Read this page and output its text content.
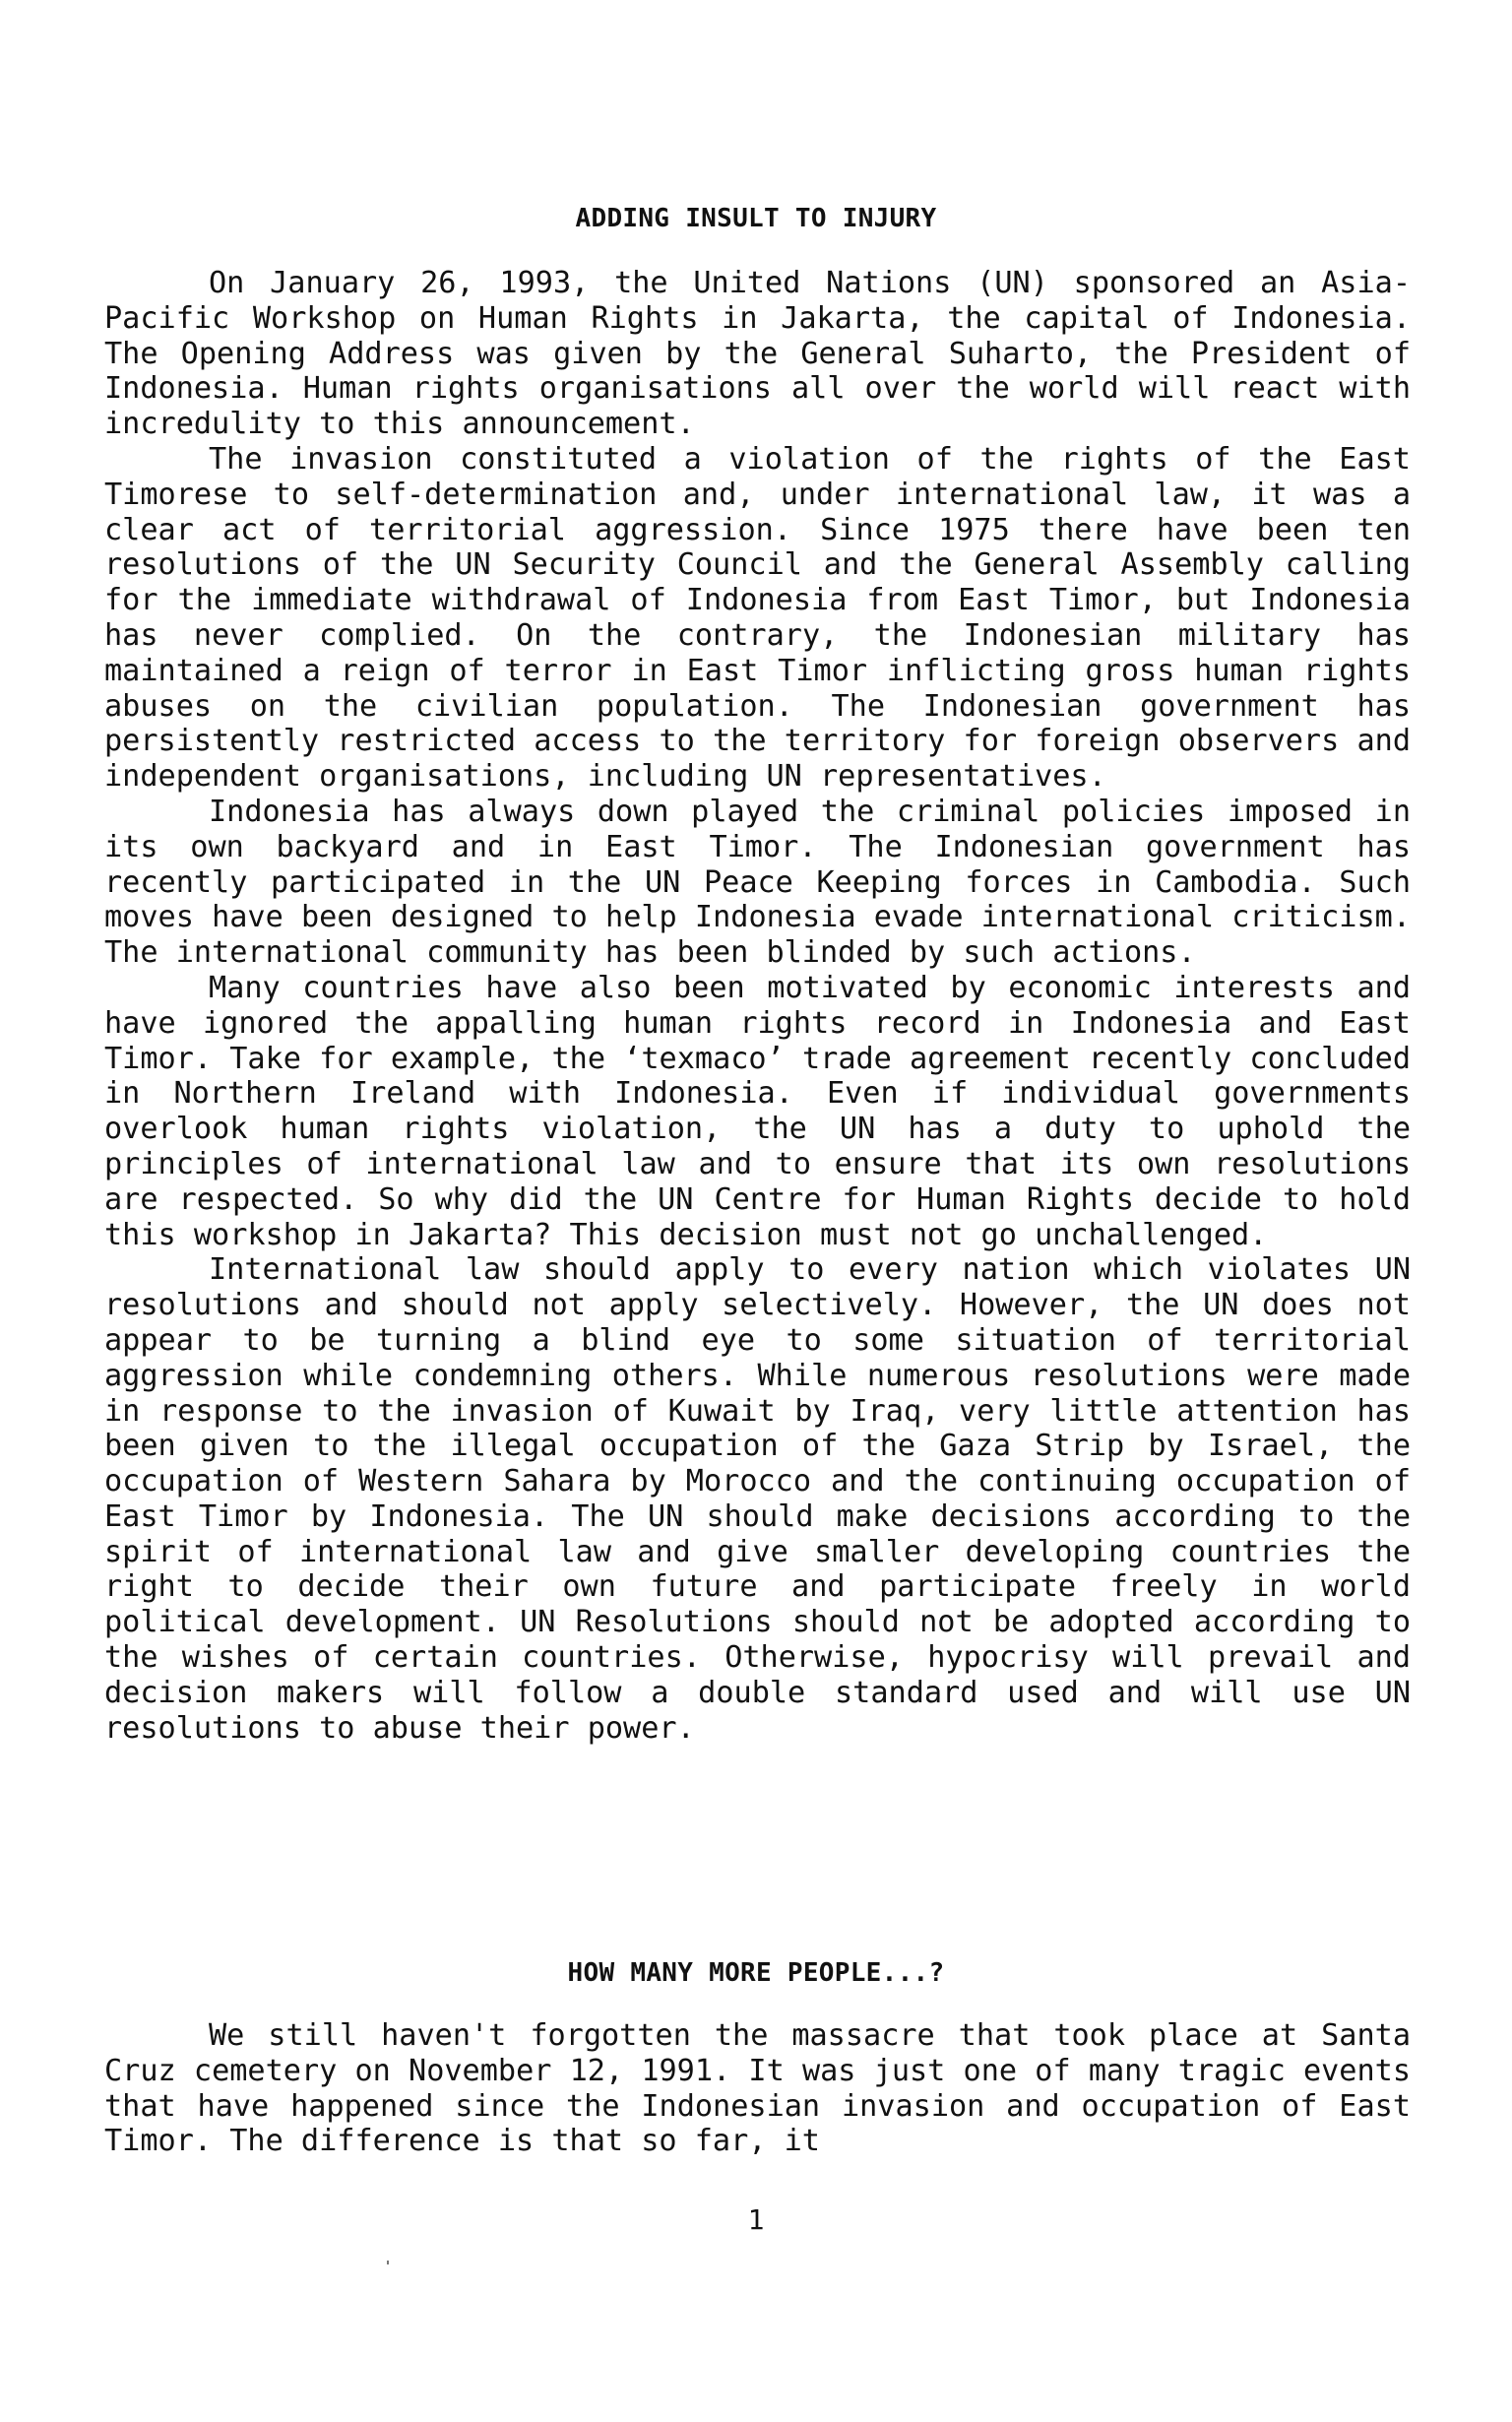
ADDING INSULT TO INJURY

On January 26, 1993, the United Nations (UN) sponsored an Asia-Pacific Workshop on Human Rights in Jakarta, the capital of Indonesia. The Opening Address was given by the General Suharto, the President of Indonesia. Human rights organisations all over the world will react with incredulity to this announcement.

The invasion constituted a violation of the rights of the East Timorese to self-determination and, under international law, it was a clear act of territorial aggression. Since 1975 there have been ten resolutions of the UN Security Council and the General Assembly calling for the immediate withdrawal of Indonesia from East Timor, but Indonesia has never complied. On the contrary, the Indonesian military has maintained a reign of terror in East Timor inflicting gross human rights abuses on the civilian population. The Indonesian government has persistently restricted access to the territory for foreign observers and independent organisations, including UN representatives.

Indonesia has always down played the criminal policies imposed in its own backyard and in East Timor. The Indonesian government has recently participated in the UN Peace Keeping forces in Cambodia. Such moves have been designed to help Indonesia evade international criticism. The international community has been blinded by such actions.

Many countries have also been motivated by economic interests and have ignored the appalling human rights record in Indonesia and East Timor. Take for example, the ‘texmaco’ trade agreement recently concluded in Northern Ireland with Indonesia. Even if individual governments overlook human rights violation, the UN has a duty to uphold the principles of international law and to ensure that its own resolutions are respected. So why did the UN Centre for Human Rights decide to hold this workshop in Jakarta? This decision must not go unchallenged.

International law should apply to every nation which violates UN resolutions and should not apply selectively. However, the UN does not appear to be turning a blind eye to some situation of territorial aggression while condemning others. While numerous resolutions were made in response to the invasion of Kuwait by Iraq, very little attention has been given to the illegal occupation of the Gaza Strip by Israel, the occupation of Western Sahara by Morocco and the continuing occupation of East Timor by Indonesia. The UN should make decisions according to the spirit of international law and give smaller developing countries the right to decide their own future and participate freely in world political development. UN Resolutions should not be adopted according to the wishes of certain countries. Otherwise, hypocrisy will prevail and decision makers will follow a double standard used and will use UN resolutions to abuse their power.

HOW MANY MORE PEOPLE...?

We still haven't forgotten the massacre that took place at Santa Cruz cemetery on November 12, 1991. It was just one of many tragic events that have happened since the Indonesian invasion and occupation of East Timor. The difference is that so far, it

1
